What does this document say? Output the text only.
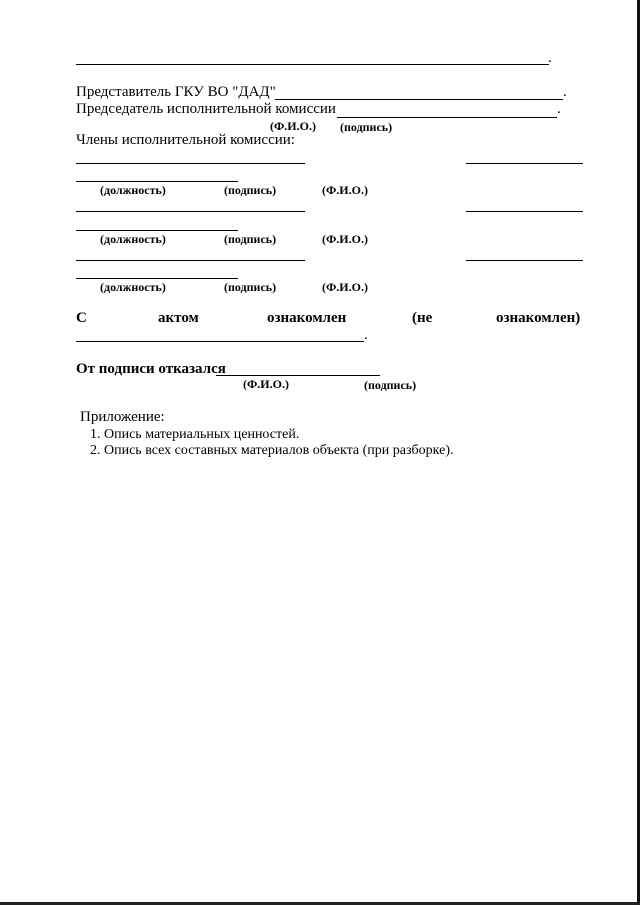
.
Представитель ГКУ ВО "ДАД"	.
Председатель исполнительной комиссии	.
(Ф.И.О.) (подпись)
Члены исполнительной комиссии:
(должность)	(подпись)	(Ф.И.О.)
(должность)	(подпись)	(Ф.И.О.)
(должность)	(подпись)	(Ф.И.О.)
С	актом	ознакомлен	(не	ознакомлен)
.
От подписи отказался
(Ф.И.О.)	(подпись)
Приложение:
1. Опись материальных ценностей.
2. Опись всех составных материалов объекта (при разборке).
